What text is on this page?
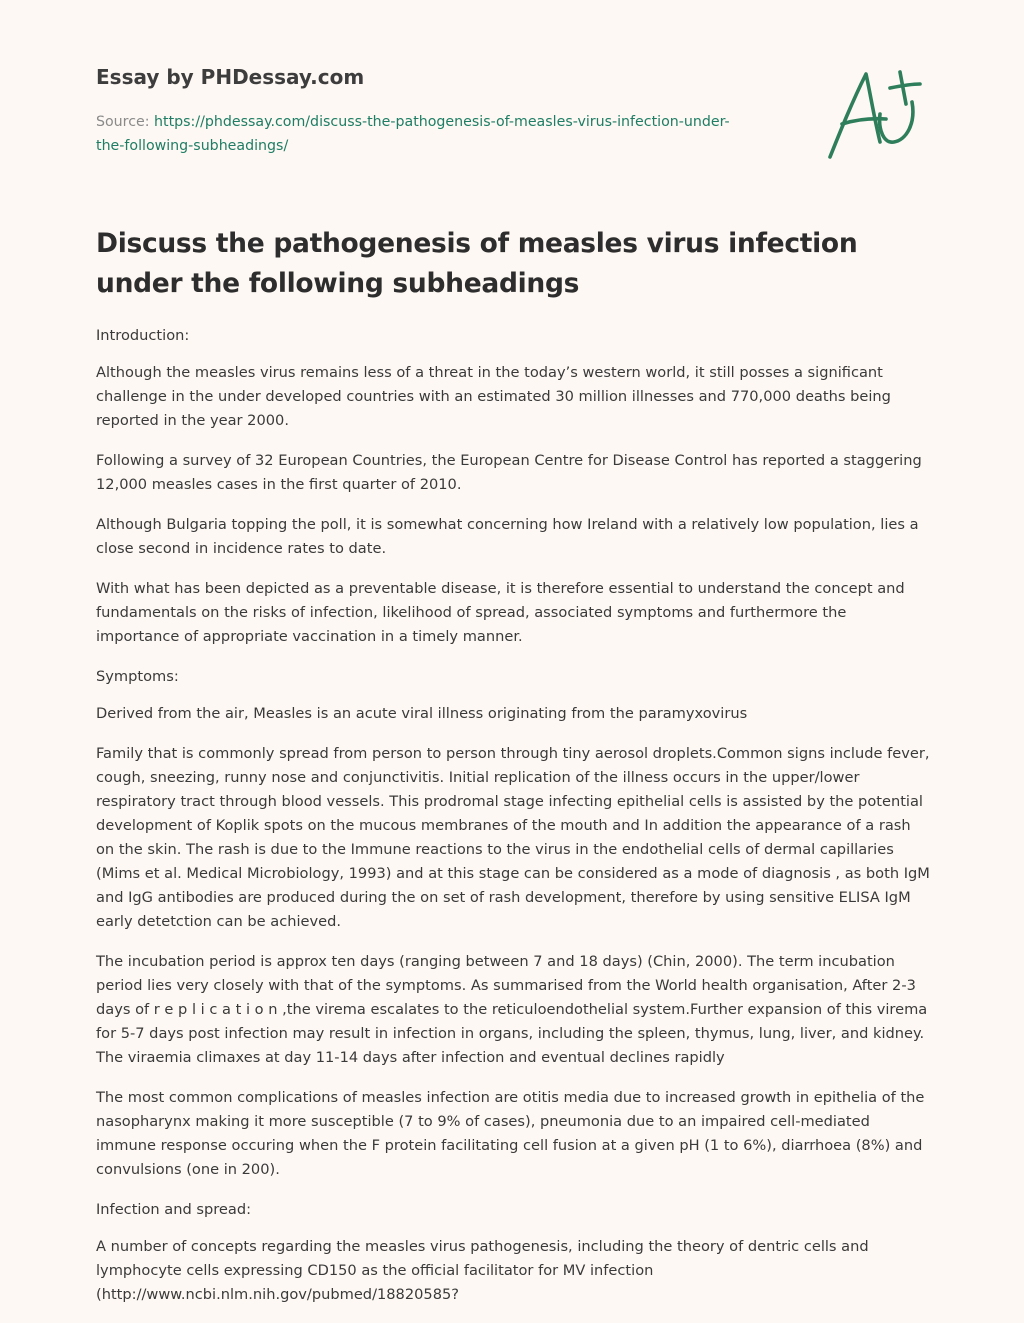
Essay by PHDessay.com
Source: https://phdessay.com/discuss-the-pathogenesis-of-measles-virus-infection-under-the-following-subheadings/
Discuss the pathogenesis of measles virus infection under the following subheadings

Introduction:

Although the measles virus remains less of a threat in the today’s western world, it still posses a significant challenge in the under developed countries with an estimated 30 million illnesses and 770,000 deaths being reported in the year 2000.

Following a survey of 32 European Countries, the European Centre for Disease Control has reported a staggering 12,000 measles cases in the first quarter of 2010.

Although Bulgaria topping the poll, it is somewhat concerning how Ireland with a relatively low population, lies a close second in incidence rates to date.

With what has been depicted as a preventable disease, it is therefore essential to understand the concept and fundamentals on the risks of infection, likelihood of spread, associated symptoms and furthermore the importance of appropriate vaccination in a timely manner.

Symptoms:

Derived from the air, Measles is an acute viral illness originating from the paramyxovirus

Family that is commonly spread from person to person through tiny aerosol droplets.Common signs include fever, cough, sneezing, runny nose and conjunctivitis. Initial replication of the illness occurs in the upper/lower respiratory tract through blood vessels. This prodromal stage infecting epithelial cells is assisted by the potential development of Koplik spots on the mucous membranes of the mouth and In addition the appearance of a rash on the skin. The rash is due to the Immune reactions to the virus in the endothelial cells of dermal capillaries (Mims et al. Medical Microbiology, 1993) and at this stage can be considered as a mode of diagnosis , as both IgM and IgG antibodies are produced during the on set of rash development, therefore by using sensitive ELISA IgM early detetction can be achieved.

The incubation period is approx ten days (ranging between 7 and 18 days) (Chin, 2000). The term incubation period lies very closely with that of the symptoms. As summarised from the World health organisation, After 2-3 days of r e p l i c a t i o n ,the virema escalates to the reticuloendothelial system.Further expansion of this virema for 5-7 days post infection may result in infection in organs, including the spleen, thymus, lung, liver, and kidney. The viraemia climaxes at day 11-14 days after infection and eventual declines rapidly

The most common complications of measles infection are otitis media due to increased growth in epithelia of the nasopharynx making it more susceptible (7 to 9% of cases), pneumonia due to an impaired cell-mediated immune response occuring when the F protein facilitating cell fusion at a given pH (1 to 6%), diarrhoea (8%) and convulsions (one in 200).

Infection and spread:

A number of concepts regarding the measles virus pathogenesis, including the theory of dentric cells and lymphocyte cells expressing CD150 as the official facilitator for MV infection (http://www.ncbi.nlm.nih.gov/pubmed/18820585?
